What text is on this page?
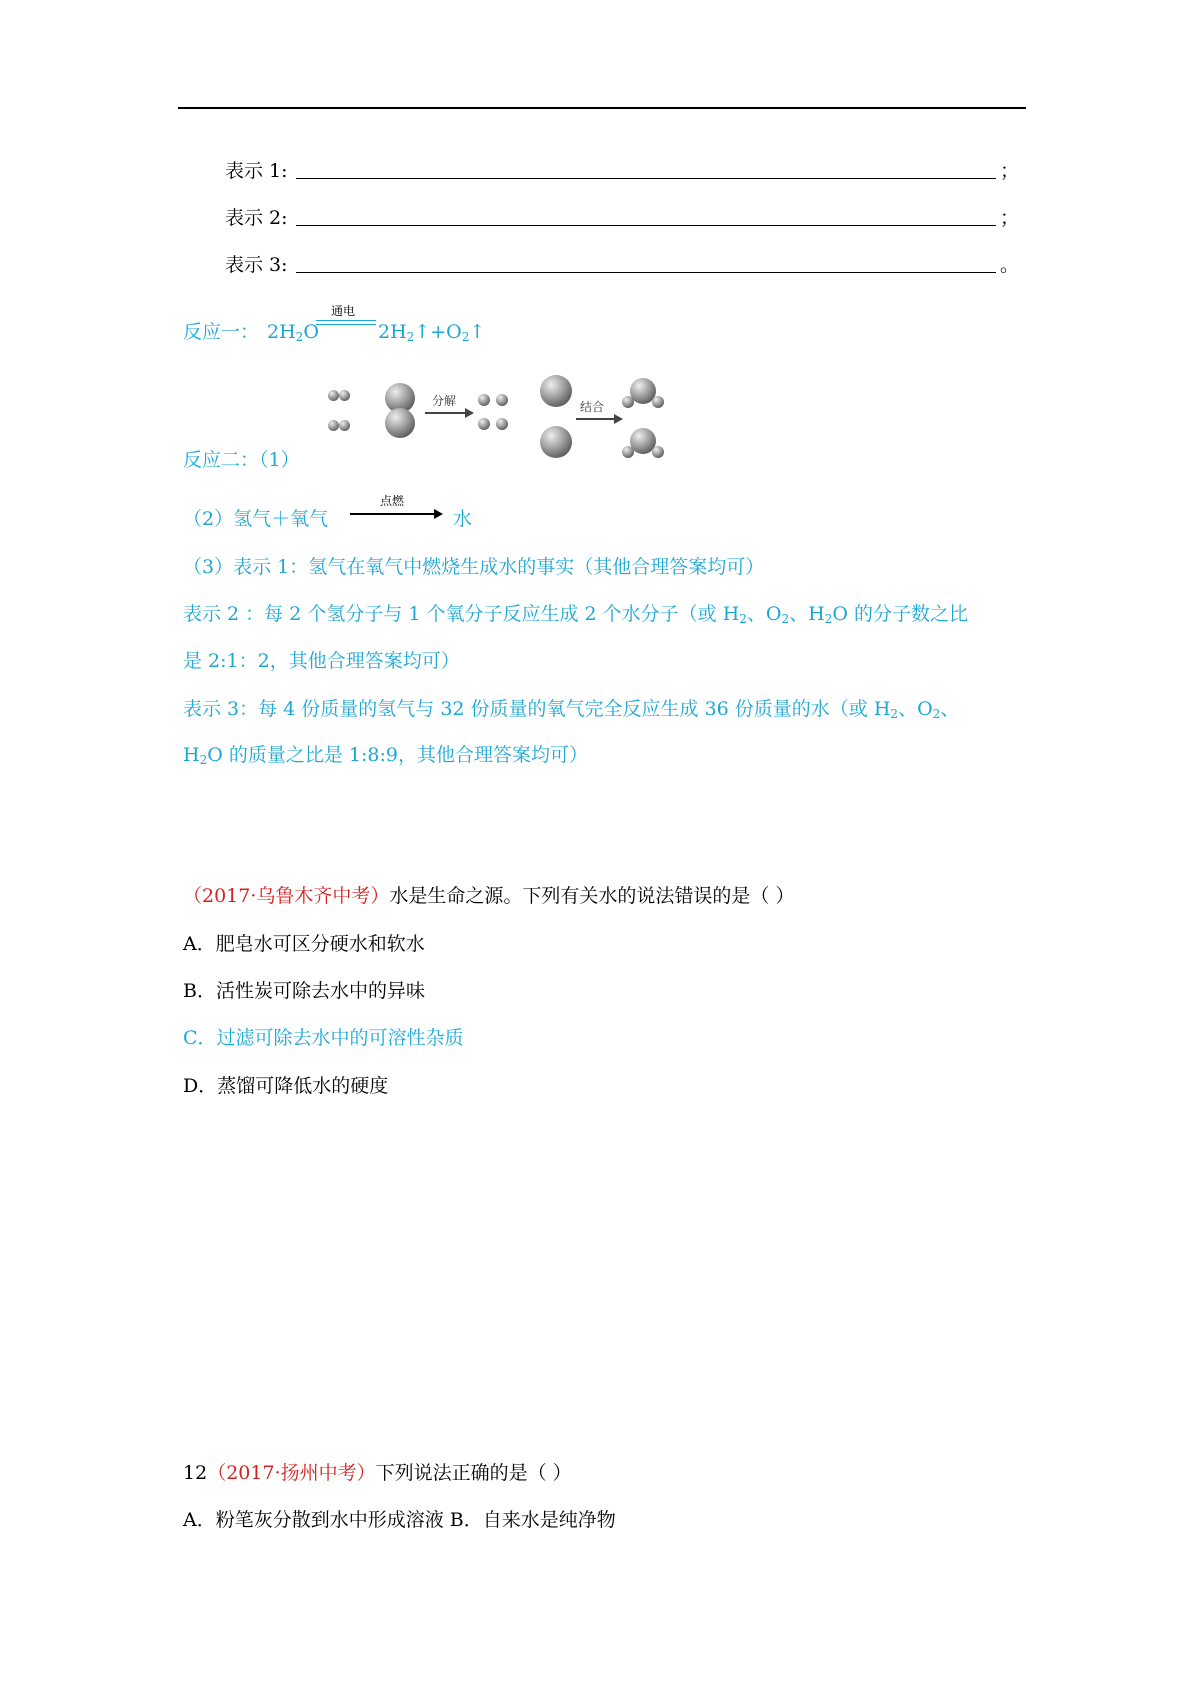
表示 1:	；
表示 2:	；
表示 3:	。
反应一： $2H_2O$
通电
$2H_2↑+O_2↑$
分解	结合
反应二：（1）
（2）氢气＋氧气
点燃
水
（3）表示 1：氢气在氧气中燃烧生成水的事实（其他合理答案均可）
表示 2 ：每 2 个氢分子与 1 个氧分子反应生成 2 个水分子（或 $H_2$、$O_2$、$H_2O$ 的分子数之比
是 2:1：2，其他合理答案均可）
表示 3：每 4 份质量的氢气与 32 份质量的氧气完全反应生成 36 份质量的水（或 $H_2$、$O_2$、
$H_2O$ 的质量之比是 1:8:9，其他合理答案均可）
（2017·乌鲁木齐中考）水是生命之源。下列有关水的说法错误的是（ ）
A．肥皂水可区分硬水和软水
B．活性炭可除去水中的异味
C．过滤可除去水中的可溶性杂质
D．蒸馏可降低水的硬度
12（2017·扬州中考）下列说法正确的是（ ）
A．粉笔灰分散到水中形成溶液 B．自来水是纯净物
